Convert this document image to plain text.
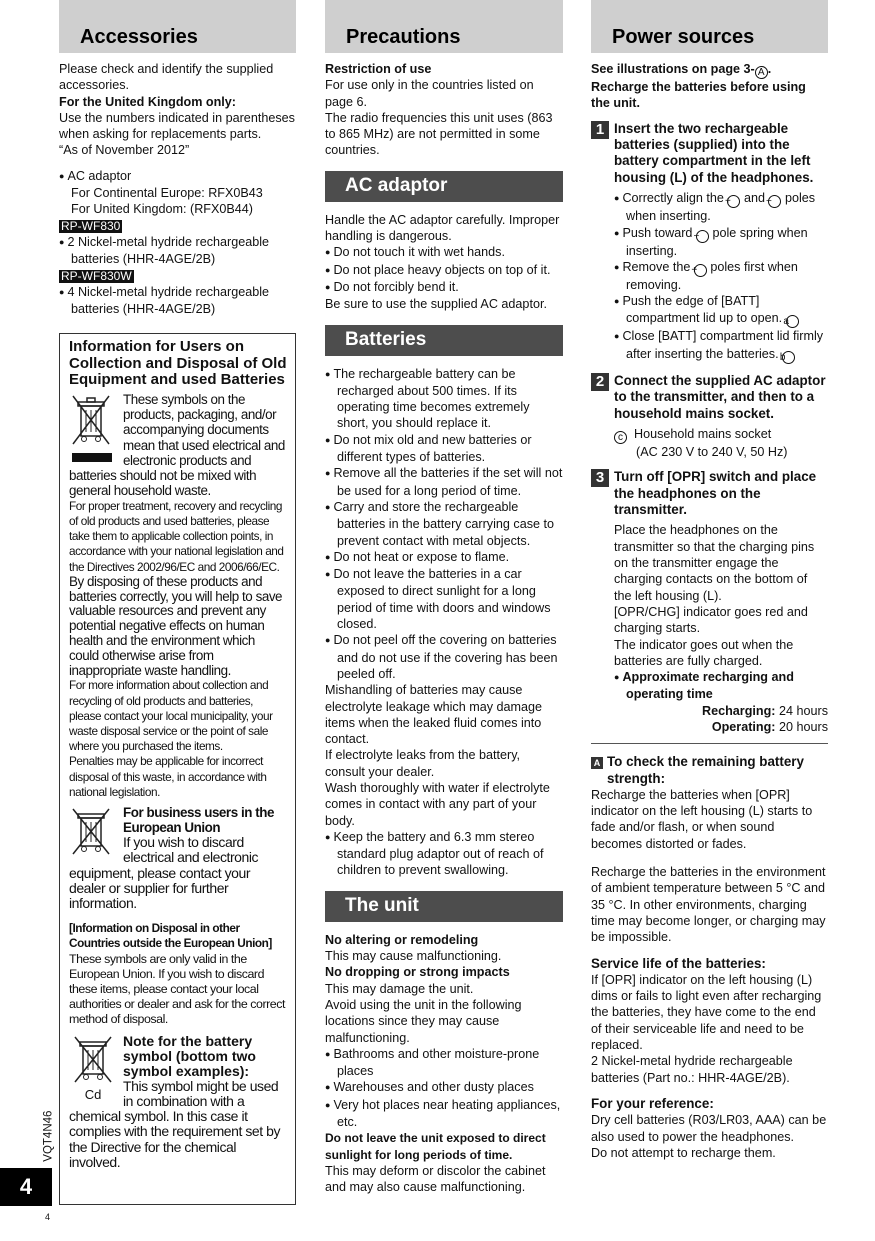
Accessories

Please check and identify the supplied accessories.

For the United Kingdom only:

Use the numbers indicated in parentheses when asking for replacements parts.

“As of November 2012”

● AC adaptor

For Continental Europe: RFX0B43

For United Kingdom: (RFX0B44)

RP-WF830
● 2 Nickel-metal hydride rechargeable batteries (HHR-4AGE/2B)
RP-WF830W
● 4 Nickel-metal hydride rechargeable batteries (HHR-4AGE/2B)
Information for Users on Collection and Disposal of Old Equipment and used Batteries
These symbols on the products, packaging, and/or accompanying documents mean that used electrical and electronic products and batteries should not be mixed with general household waste.

For proper treatment, recovery and recycling of old products and used batteries, please take them to applicable collection points, in accordance with your national legislation and the Directives 2002/96/EC and 2006/66/EC.

By disposing of these products and batteries correctly, you will help to save valuable resources and prevent any potential negative effects on human health and the environment which could otherwise arise from inappropriate waste handling.

For more information about collection and recycling of old products and batteries, please contact your local municipality, your waste disposal service or the point of sale where you purchased the items.

Penalties may be applicable for incorrect disposal of this waste, in accordance with national legislation.

For business users in the European Union
If you wish to discard electrical and electronic equipment, please contact your dealer or supplier for further information.

[Information on Disposal in other Countries outside the European Union]

These symbols are only valid in the European Union. If you wish to discard these items, please contact your local authorities or dealer and ask for the correct method of disposal.

Cd
Note for the battery symbol (bottom two symbol examples):
This symbol might be used in combination with a chemical symbol. In this case it complies with the requirement set by the Directive for the chemical involved.
Precautions

Restriction of use

For use only in the countries listed on page 6.

The radio frequencies this unit uses (863 to 865 MHz) are not permitted in some countries.

AC adaptor

Handle the AC adaptor carefully. Improper handling is dangerous.

● Do not touch it with wet hands.
● Do not place heavy objects on top of it.
● Do not forcibly bend it.

Be sure to use the supplied AC adaptor.

Batteries
● The rechargeable battery can be recharged about 500 times. If its operating time becomes extremely short, you should replace it.
● Do not mix old and new batteries or different types of batteries.
● Remove all the batteries if the set will not be used for a long period of time.
● Carry and store the rechargeable batteries in the battery carrying case to prevent contact with metal objects.
● Do not heat or expose to flame.
● Do not leave the batteries in a car exposed to direct sunlight for a long period of time with doors and windows closed.
● Do not peel off the covering on batteries and do not use if the covering has been peeled off.

Mishandling of batteries may cause electrolyte leakage which may damage items when the leaked fluid comes into contact.

If electrolyte leaks from the battery, consult your dealer.

Wash thoroughly with water if electrolyte comes in contact with any part of your body.

● Keep the battery and 6.3 mm stereo standard plug adaptor out of reach of children to prevent swallowing.
The unit

No altering or remodeling

This may cause malfunctioning.

No dropping or strong impacts

This may damage the unit.

Avoid using the unit in the following locations since they may cause malfunctioning.

● Bathrooms and other moisture-prone places
● Warehouses and other dusty places
● Very hot places near heating appliances, etc.

Do not leave the unit exposed to direct sunlight for long periods of time.

This may deform or discolor the cabinet and may also cause malfunctioning.

Power sources

See illustrations on page 3- A .

Recharge the batteries before using the unit.

1 Insert the two rechargeable batteries (supplied) into the battery compartment in the left housing (L) of the headphones.
● Correctly align the + and − poles when inserting.
● Push toward − pole spring when inserting.
● Remove the + poles first when removing.
● Push the edge of [BATT] compartment lid up to open. a
● Close [BATT] compartment lid firmly after inserting the batteries. b
2 Connect the supplied AC adaptor to the transmitter, and then to a household mains socket.
c Household mains socket
(AC 230 V to 240 V, 50 Hz)
3 Turn off [OPR] switch and place the headphones on the transmitter.

Place the headphones on the transmitter so that the charging pins on the transmitter engage the charging contacts on the bottom of the left housing (L).

[OPR/CHG] indicator goes red and charging starts.

The indicator goes out when the batteries are fully charged.

● Approximate recharging and operating time

Recharging: 24 hours

Operating: 20 hours

A To check the remaining battery strength:

Recharge the batteries when [OPR] indicator on the left housing (L) starts to fade and/or flash, or when sound becomes distorted or fades.

Recharge the batteries in the environment of ambient temperature between 5 °C and 35 °C. In other environments, charging time may become longer, or charging may be impossible.

Service life of the batteries:

If [OPR] indicator on the left housing (L) dims or fails to light even after recharging the batteries, they have come to the end of their serviceable life and need to be replaced.

2 Nickel-metal hydride rechargeable batteries (Part no.: HHR-4AGE/2B).

For your reference:

Dry cell batteries (R03/LR03, AAA) can be also used to power the headphones.

Do not attempt to recharge them.

VQT4N46
4
4
